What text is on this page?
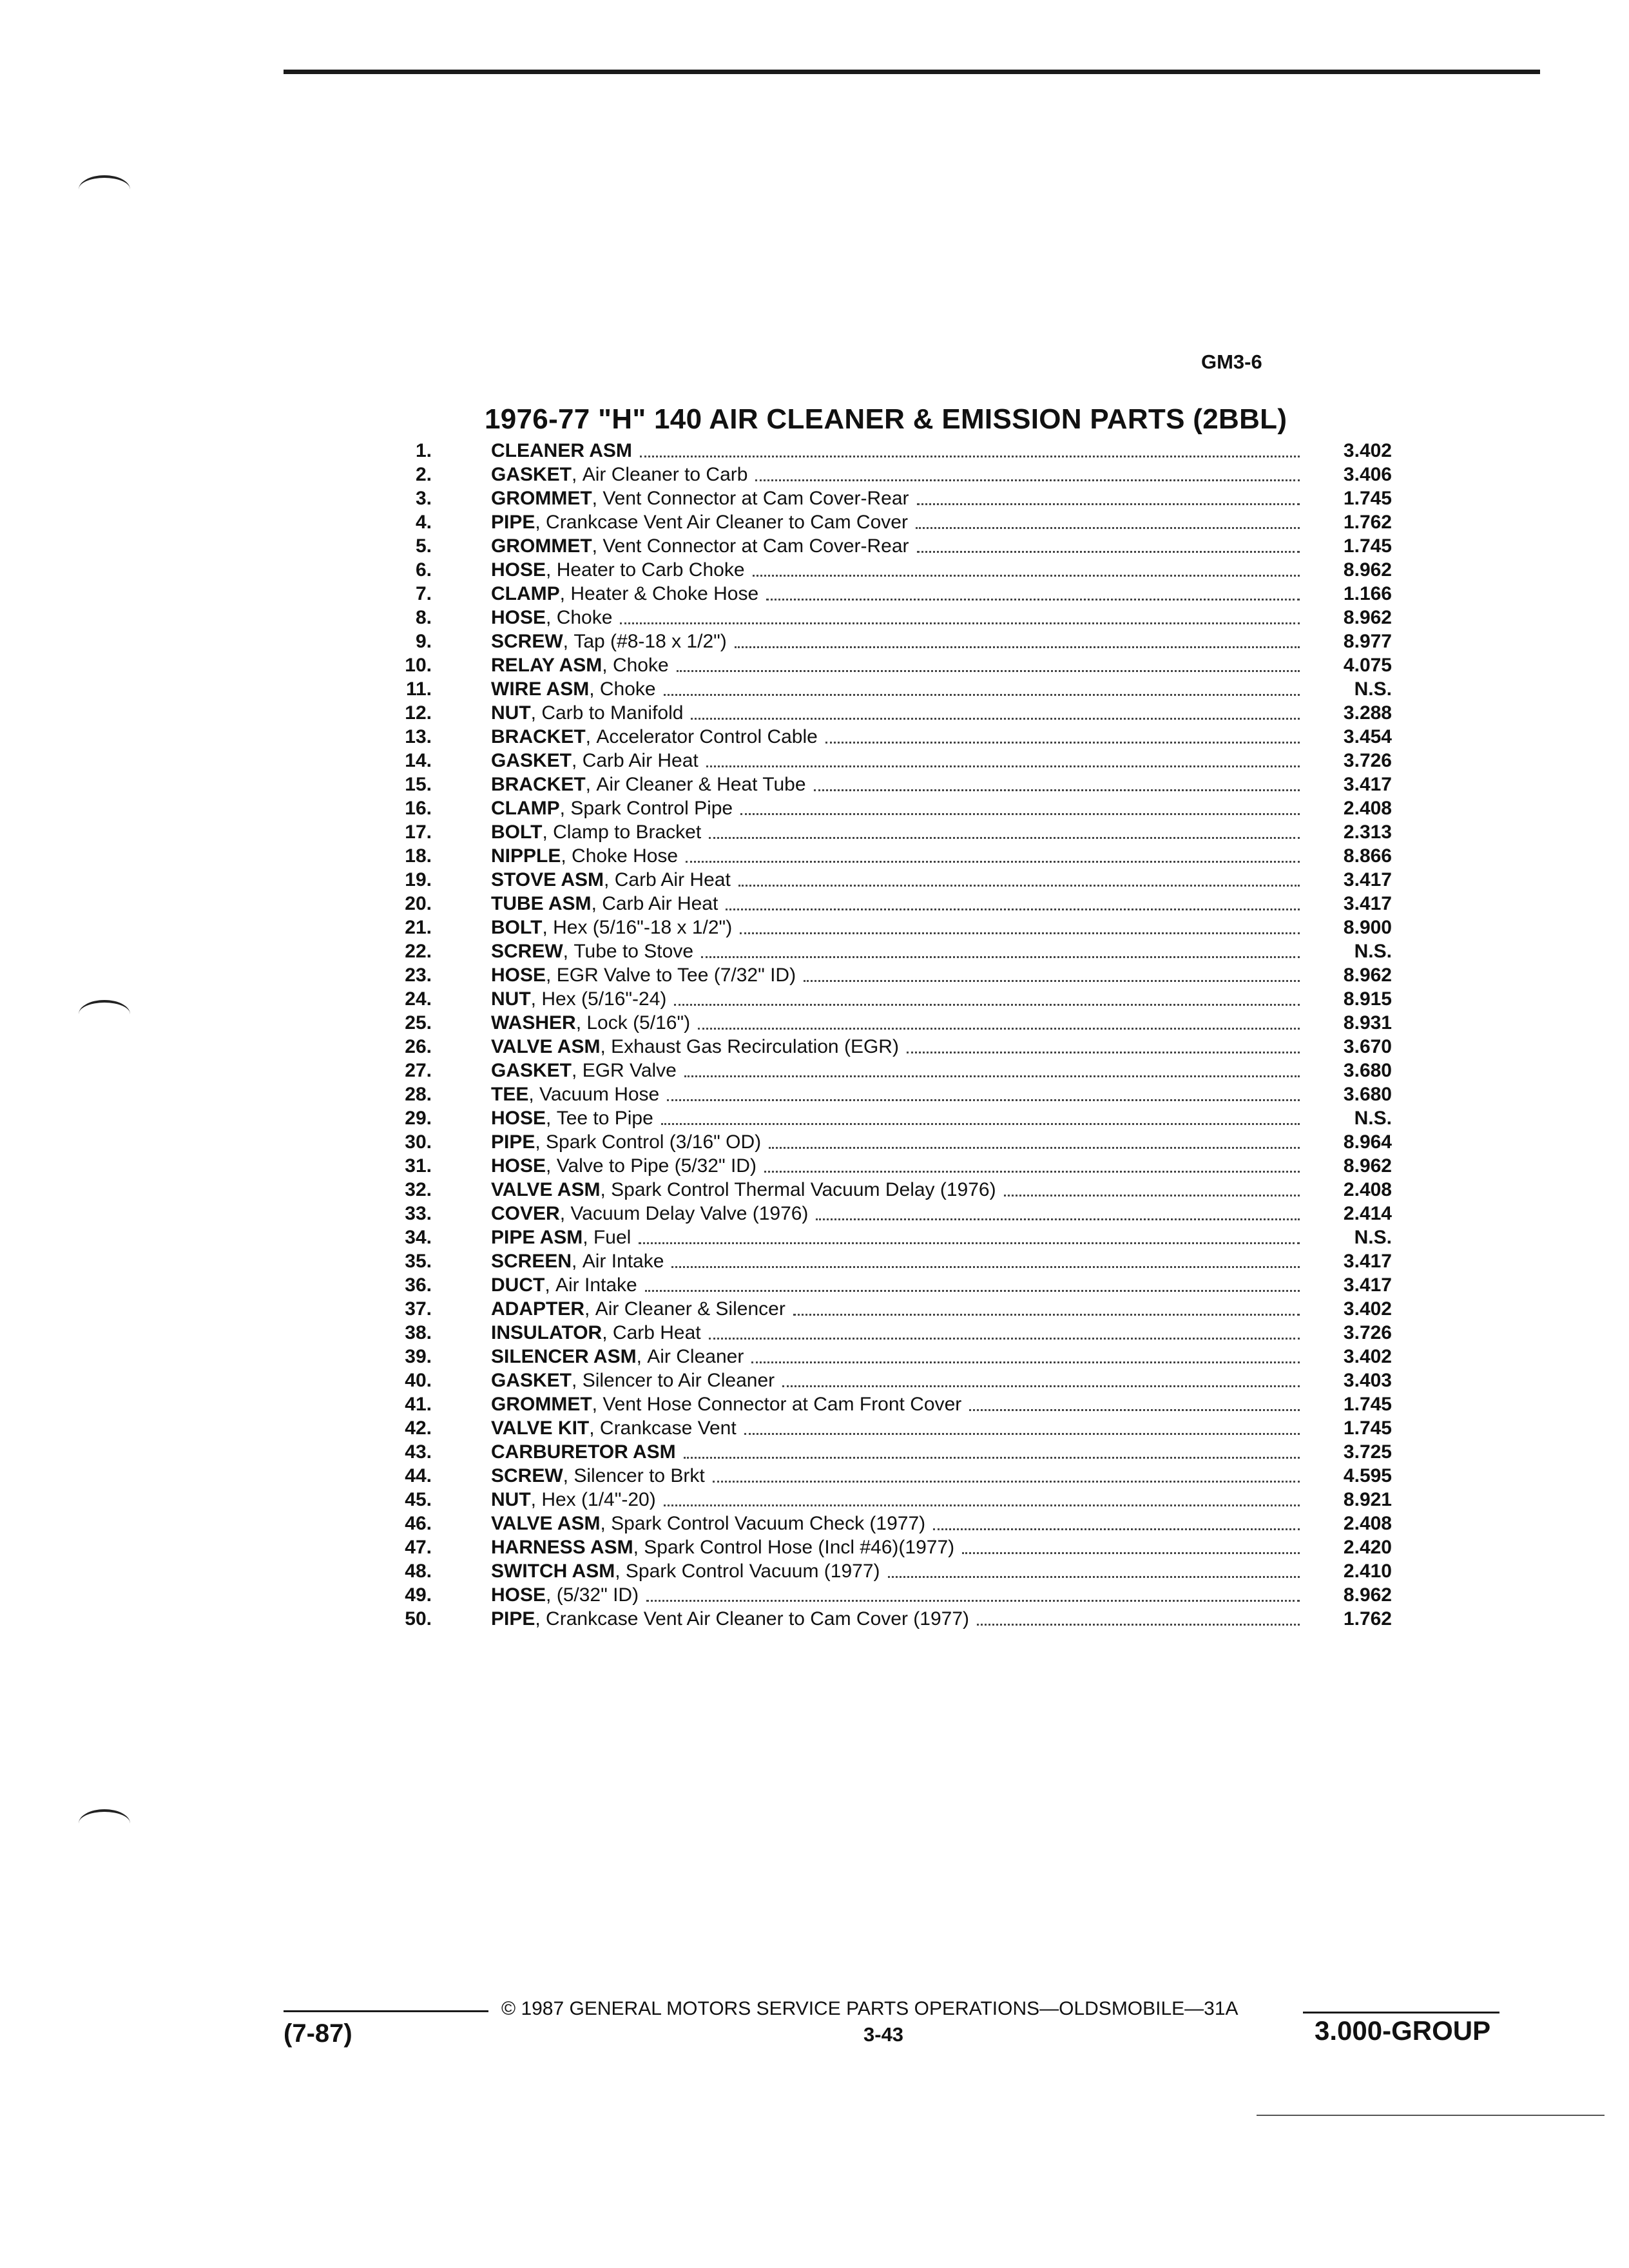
GM3-6
1976-77 "H" 140 AIR CLEANER & EMISSION PARTS (2BBL)
1.	CLEANER ASM	3.402
2.	GASKET , Air Cleaner to Carb	3.406
3.	GROMMET , Vent Connector at Cam Cover-Rear	1.745
4.	PIPE , Crankcase Vent Air Cleaner to Cam Cover	1.762
5.	GROMMET , Vent Connector at Cam Cover-Rear	1.745
6.	HOSE , Heater to Carb Choke	8.962
7.	CLAMP , Heater & Choke Hose	1.166
8.	HOSE , Choke	8.962
9.	SCREW , Tap (#8-18 x 1/2")	8.977
10.	RELAY ASM , Choke	4.075
11.	WIRE ASM , Choke	N.S.
12.	NUT , Carb to Manifold	3.288
13.	BRACKET , Accelerator Control Cable	3.454
14.	GASKET , Carb Air Heat	3.726
15.	BRACKET , Air Cleaner & Heat Tube	3.417
16.	CLAMP , Spark Control Pipe	2.408
17.	BOLT , Clamp to Bracket	2.313
18.	NIPPLE , Choke Hose	8.866
19.	STOVE ASM , Carb Air Heat	3.417
20.	TUBE ASM , Carb Air Heat	3.417
21.	BOLT , Hex (5/16"-18 x 1/2")	8.900
22.	SCREW , Tube to Stove	N.S.
23.	HOSE , EGR Valve to Tee (7/32" ID)	8.962
24.	NUT , Hex (5/16"-24)	8.915
25.	WASHER , Lock (5/16")	8.931
26.	VALVE ASM , Exhaust Gas Recirculation (EGR)	3.670
27.	GASKET , EGR Valve	3.680
28.	TEE , Vacuum Hose	3.680
29.	HOSE , Tee to Pipe	N.S.
30.	PIPE , Spark Control (3/16" OD)	8.964
31.	HOSE , Valve to Pipe (5/32" ID)	8.962
32.	VALVE ASM , Spark Control Thermal Vacuum Delay (1976)	2.408
33.	COVER , Vacuum Delay Valve (1976)	2.414
34.	PIPE ASM , Fuel	N.S.
35.	SCREEN , Air Intake	3.417
36.	DUCT , Air Intake	3.417
37.	ADAPTER , Air Cleaner & Silencer	3.402
38.	INSULATOR , Carb Heat	3.726
39.	SILENCER ASM , Air Cleaner	3.402
40.	GASKET , Silencer to Air Cleaner	3.403
41.	GROMMET , Vent Hose Connector at Cam Front Cover	1.745
42.	VALVE KIT , Crankcase Vent	1.745
43.	CARBURETOR ASM	3.725
44.	SCREW , Silencer to Brkt	4.595
45.	NUT , Hex (1/4"-20)	8.921
46.	VALVE ASM , Spark Control Vacuum Check (1977)	2.408
47.	HARNESS ASM , Spark Control Hose (Incl #46)(1977)	2.420
48.	SWITCH ASM , Spark Control Vacuum (1977)	2.410
49.	HOSE , (5/32" ID)	8.962
50.	PIPE , Crankcase Vent Air Cleaner to Cam Cover (1977)	1.762
© 1987 GENERAL MOTORS SERVICE PARTS OPERATIONS—OLDSMOBILE—31A
(7-87)	3-43	3.000-GROUP
